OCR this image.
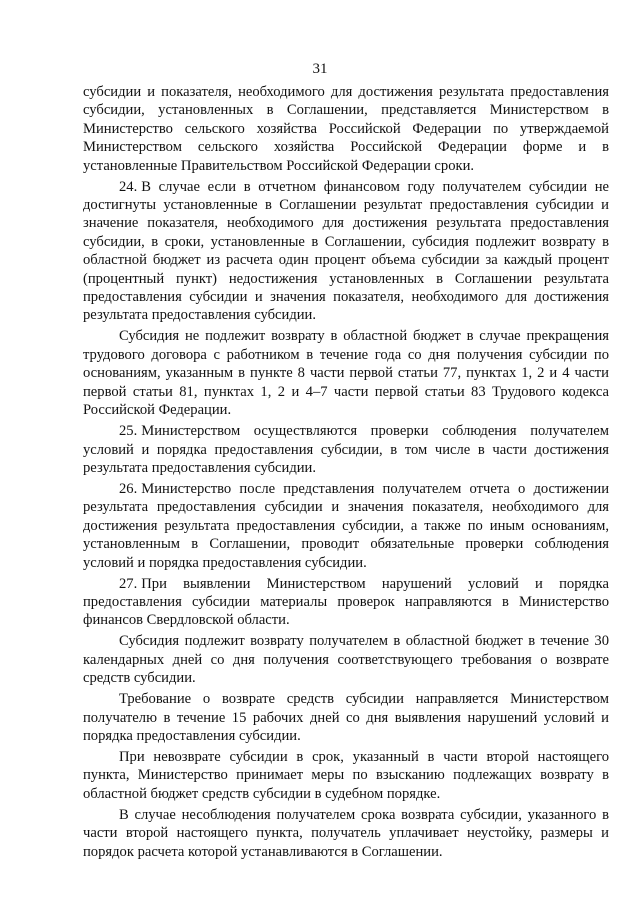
31

субсидии и показателя, необходимого для достижения результата предоставления субсидии, установленных в Соглашении, представляется Министерством в Министерство сельского хозяйства Российской Федерации по утверждаемой Министерством сельского хозяйства Российской Федерации форме и в установленные Правительством Российской Федерации сроки.

24. В случае если в отчетном финансовом году получателем субсидии не достигнуты установленные в Соглашении результат предоставления субсидии и значение показателя, необходимого для достижения результата предоставления субсидии, в сроки, установленные в Соглашении, субсидия подлежит возврату в областной бюджет из расчета один процент объема субсидии за каждый процент (процентный пункт) недостижения установленных в Соглашении результата предоставления субсидии и значения показателя, необходимого для достижения результата предоставления субсидии.

Субсидия не подлежит возврату в областной бюджет в случае прекращения трудового договора с работником в течение года со дня получения субсидии по основаниям, указанным в пункте 8 части первой статьи 77, пунктах 1, 2 и 4 части первой статьи 81, пунктах 1, 2 и 4–7 части первой статьи 83 Трудового кодекса Российской Федерации.

25. Министерством осуществляются проверки соблюдения получателем условий и порядка предоставления субсидии, в том числе в части достижения результата предоставления субсидии.

26. Министерство после представления получателем отчета о достижении результата предоставления субсидии и значения показателя, необходимого для достижения результата предоставления субсидии, а также по иным основаниям, установленным в Соглашении, проводит обязательные проверки соблюдения условий и порядка предоставления субсидии.

27. При выявлении Министерством нарушений условий и порядка предоставления субсидии материалы проверок направляются в Министерство финансов Свердловской области.

Субсидия подлежит возврату получателем в областной бюджет в течение 30 календарных дней со дня получения соответствующего требования о возврате средств субсидии.

Требование о возврате средств субсидии направляется Министерством получателю в течение 15 рабочих дней со дня выявления нарушений условий и порядка предоставления субсидии.

При невозврате субсидии в срок, указанный в части второй настоящего пункта, Министерство принимает меры по взысканию подлежащих возврату в областной бюджет средств субсидии в судебном порядке.

В случае несоблюдения получателем срока возврата субсидии, указанного в части второй настоящего пункта, получатель уплачивает неустойку, размеры и порядок расчета которой устанавливаются в Соглашении.
